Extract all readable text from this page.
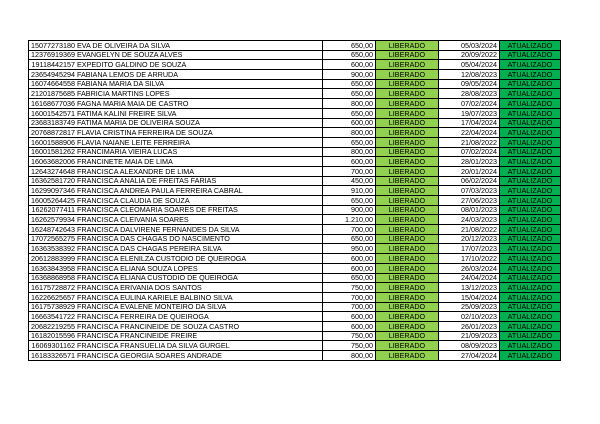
15077273180	EVA DE OLIVEIRA DA SILVA	650,00	LIBERADO	05/03/2024	ATUALIZADO
12376919369	EVANGELYN DE SOUZA ALVES	650,00	LIBERADO	20/09/2022	ATUALIZADO
19118442157	EXPEDITO GALDINO DE SOUZA	600,00	LIBERADO	05/04/2024	ATUALIZADO
23654945294	FABIANA LEMOS DE ARRUDA	900,00	LIBERADO	12/08/2023	ATUALIZADO
16074664558	FABIANA MARIA DA SILVA	650,00	LIBERADO	09/05/2024	ATUALIZADO
21201875685	FABRICIA MARTINS LOPES	650,00	LIBERADO	28/08/2023	ATUALIZADO
16168677036	FAGNA MARIA MAIA DE CASTRO	800,00	LIBERADO	07/02/2024	ATUALIZADO
16001542571	FATIMA KALINI FREIRE SILVA	650,00	LIBERADO	19/07/2023	ATUALIZADO
23683183749	FATIMA MARIA DE OLIVEIRA SOUZA	600,00	LIBERADO	17/04/2024	ATUALIZADO
20768872817	FLAVIA CRISTINA FERREIRA DE SOUZA	800,00	LIBERADO	22/04/2024	ATUALIZADO
16001588906	FLAVIA NAIANE LEITE FERREIRA	650,00	LIBERADO	21/08/2022	ATUALIZADO
16001581262	FRANCIMARIA VIEIRA LUCAS	800,00	LIBERADO	07/02/2024	ATUALIZADO
16063682006	FRANCINETE MAIA DE LIMA	600,00	LIBERADO	28/01/2023	ATUALIZADO
12643274648	FRANCISCA ALEXANDRE DE LIMA	700,00	LIBERADO	20/01/2024	ATUALIZADO
16362581720	FRANCISCA ANALIA DE FREITAS FARIAS	450,00	LIBERADO	06/02/2024	ATUALIZADO
16299097346	FRANCISCA ANDREA PAULA FERREIRA CABRAL	910,00	LIBERADO	07/03/2023	ATUALIZADO
16005264425	FRANCISCA CLAUDIA DE SOUZA	650,00	LIBERADO	27/06/2023	ATUALIZADO
16262077411	FRANCISCA CLEOMARIA SOARES DE FREITAS	900,00	LIBERADO	08/01/2023	ATUALIZADO
16262579934	FRANCISCA CLEIVANIA SOARES	1.210,00	LIBERADO	24/03/2023	ATUALIZADO
16248742643	FRANCISCA DALVIRENE FERNANDES DA SILVA	700,00	LIBERADO	21/08/2022	ATUALIZADO
17072565275	FRANCISCA DAS CHAGAS DO NASCIMENTO	650,00	LIBERADO	20/12/2023	ATUALIZADO
16363538392	FRANCISCA DAS CHAGAS PEREIRA SILVA	950,00	LIBERADO	17/07/2023	ATUALIZADO
20612883999	FRANCISCA ELENILZA CUSTODIO DE QUEIROGA	600,00	LIBERADO	17/10/2022	ATUALIZADO
16363843958	FRANCISCA ELIANA SOUZA LOPES	600,00	LIBERADO	26/03/2024	ATUALIZADO
16368868958	FRANCISCA ELIANA CUSTODIO DE QUEIROGA	650,00	LIBERADO	24/04/2024	ATUALIZADO
16175728872	FRANCISCA ERIVANIA DOS SANTOS	750,00	LIBERADO	13/12/2023	ATUALIZADO
16226625657	FRANCISCA EULINA KARIELE BALBINO SILVA	700,00	LIBERADO	15/04/2024	ATUALIZADO
16175738929	FRANCISCA EVALENE MONTEIRO DA SILVA	700,00	LIBERADO	25/09/2023	ATUALIZADO
16663541722	FRANCISCA FERREIRA DE QUEIROGA	600,00	LIBERADO	02/10/2023	ATUALIZADO
20682219255	FRANCISCA FRANCINEIDE DE SOUZA CASTRO	600,00	LIBERADO	26/01/2023	ATUALIZADO
16182015596	FRANCISCA FRANCINEIDE FREIRE	750,00	LIBERADO	21/09/2023	ATUALIZADO
16069301162	FRANCISCA FRANSUELIA DA SILVA GURGEL	750,00	LIBERADO	08/09/2023	ATUALIZADO
16183326571	FRANCISCA GEORGIA SOARES ANDRADE	800,00	LIBERADO	27/04/2024	ATUALIZADO
